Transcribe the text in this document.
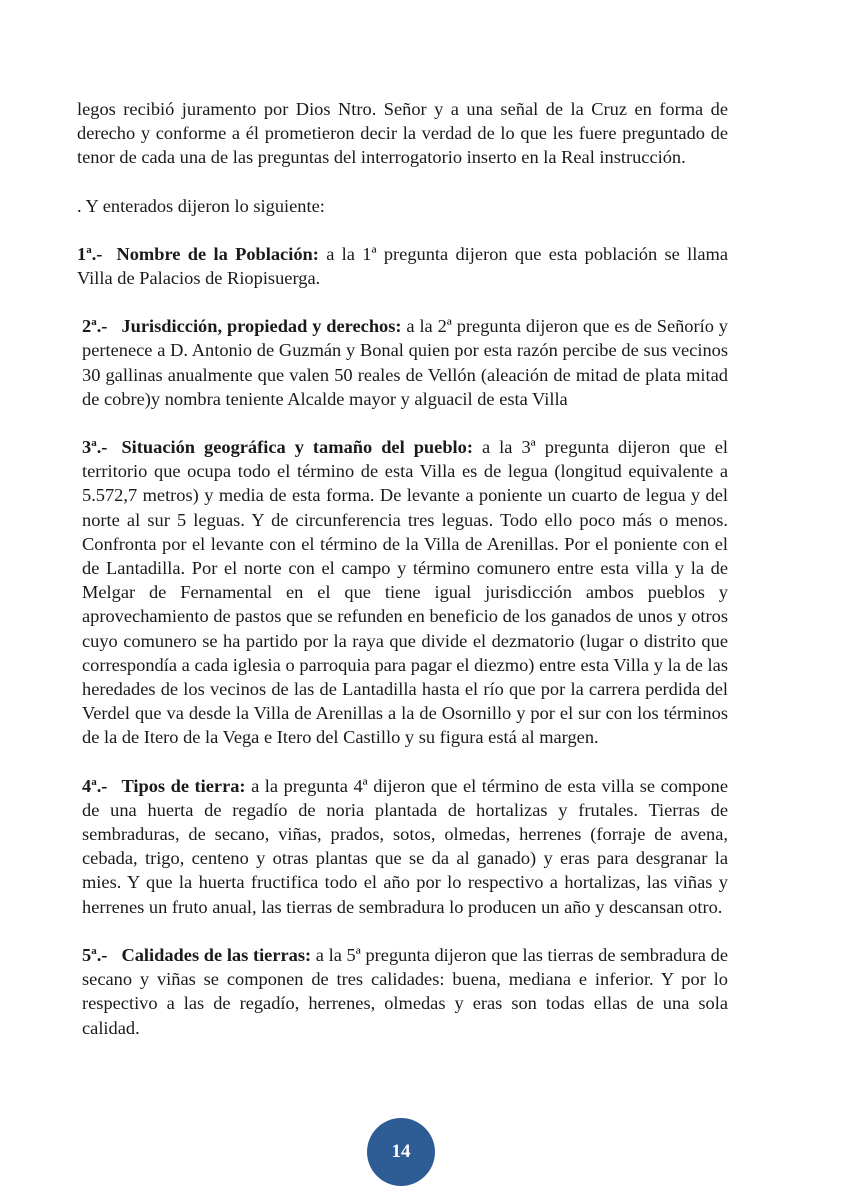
legos recibió juramento por Dios Ntro. Señor y a una señal de la Cruz en forma de derecho y conforme a él prometieron decir la verdad de lo que les fuere preguntado de tenor de cada una de las preguntas del interrogatorio inserto en la Real instrucción.

. Y enterados dijeron lo siguiente:

1$^a$.- Nombre de la Población: a la 1ª pregunta dijeron que esta población se llama Villa de Palacios de Riopisuerga.

2$^a$.- Jurisdicción, propiedad y derechos: a la 2ª pregunta dijeron que es de Señorío y pertenece a D. Antonio de Guzmán y Bonal quien por esta razón percibe de sus vecinos 30 gallinas anualmente que valen 50 reales de Vellón (aleación de mitad de plata mitad de cobre)y nombra teniente Alcalde mayor y alguacil de esta Villa

3$^a$.- Situación geográfica y tamaño del pueblo: a la 3ª pregunta dijeron que el territorio que ocupa todo el término de esta Villa es de legua (longitud equivalente a 5.572,7 metros) y media de esta forma. De levante a poniente un cuarto de legua y del norte al sur 5 leguas. Y de circunferencia tres leguas. Todo ello poco más o menos. Confronta por el levante con el término de la Villa de Arenillas. Por el poniente con el de Lantadilla. Por el norte con el campo y término comunero entre esta villa y la de Melgar de Fernamental en el que tiene igual jurisdicción ambos pueblos y aprovechamiento de pastos que se refunden en beneficio de los ganados de unos y otros cuyo comunero se ha partido por la raya que divide el dezmatorio (lugar o distrito que correspondía a cada iglesia o parroquia para pagar el diezmo) entre esta Villa y la de las heredades de los vecinos de las de Lantadilla hasta el río que por la carrera perdida del Verdel que va desde la Villa de Arenillas a la de Osornillo y por el sur con los términos de la de Itero de la Vega e Itero del Castillo y su figura está al margen.

4$^a$.- Tipos de tierra: a la pregunta 4ª dijeron que el término de esta villa se compone de una huerta de regadío de noria plantada de hortalizas y frutales. Tierras de sembraduras, de secano, viñas, prados, sotos, olmedas, herrenes (forraje de avena, cebada, trigo, centeno y otras plantas que se da al ganado) y eras para desgranar la mies. Y que la huerta fructifica todo el año por lo respectivo a hortalizas, las viñas y herrenes un fruto anual, las tierras de sembradura lo producen un año y descansan otro.

5$^a$.- Calidades de las tierras: a la 5ª pregunta dijeron que las tierras de sembradura de secano y viñas se componen de tres calidades: buena, mediana e inferior. Y por lo respectivo a las de regadío, herrenes, olmedas y eras son todas ellas de una sola calidad.

14
